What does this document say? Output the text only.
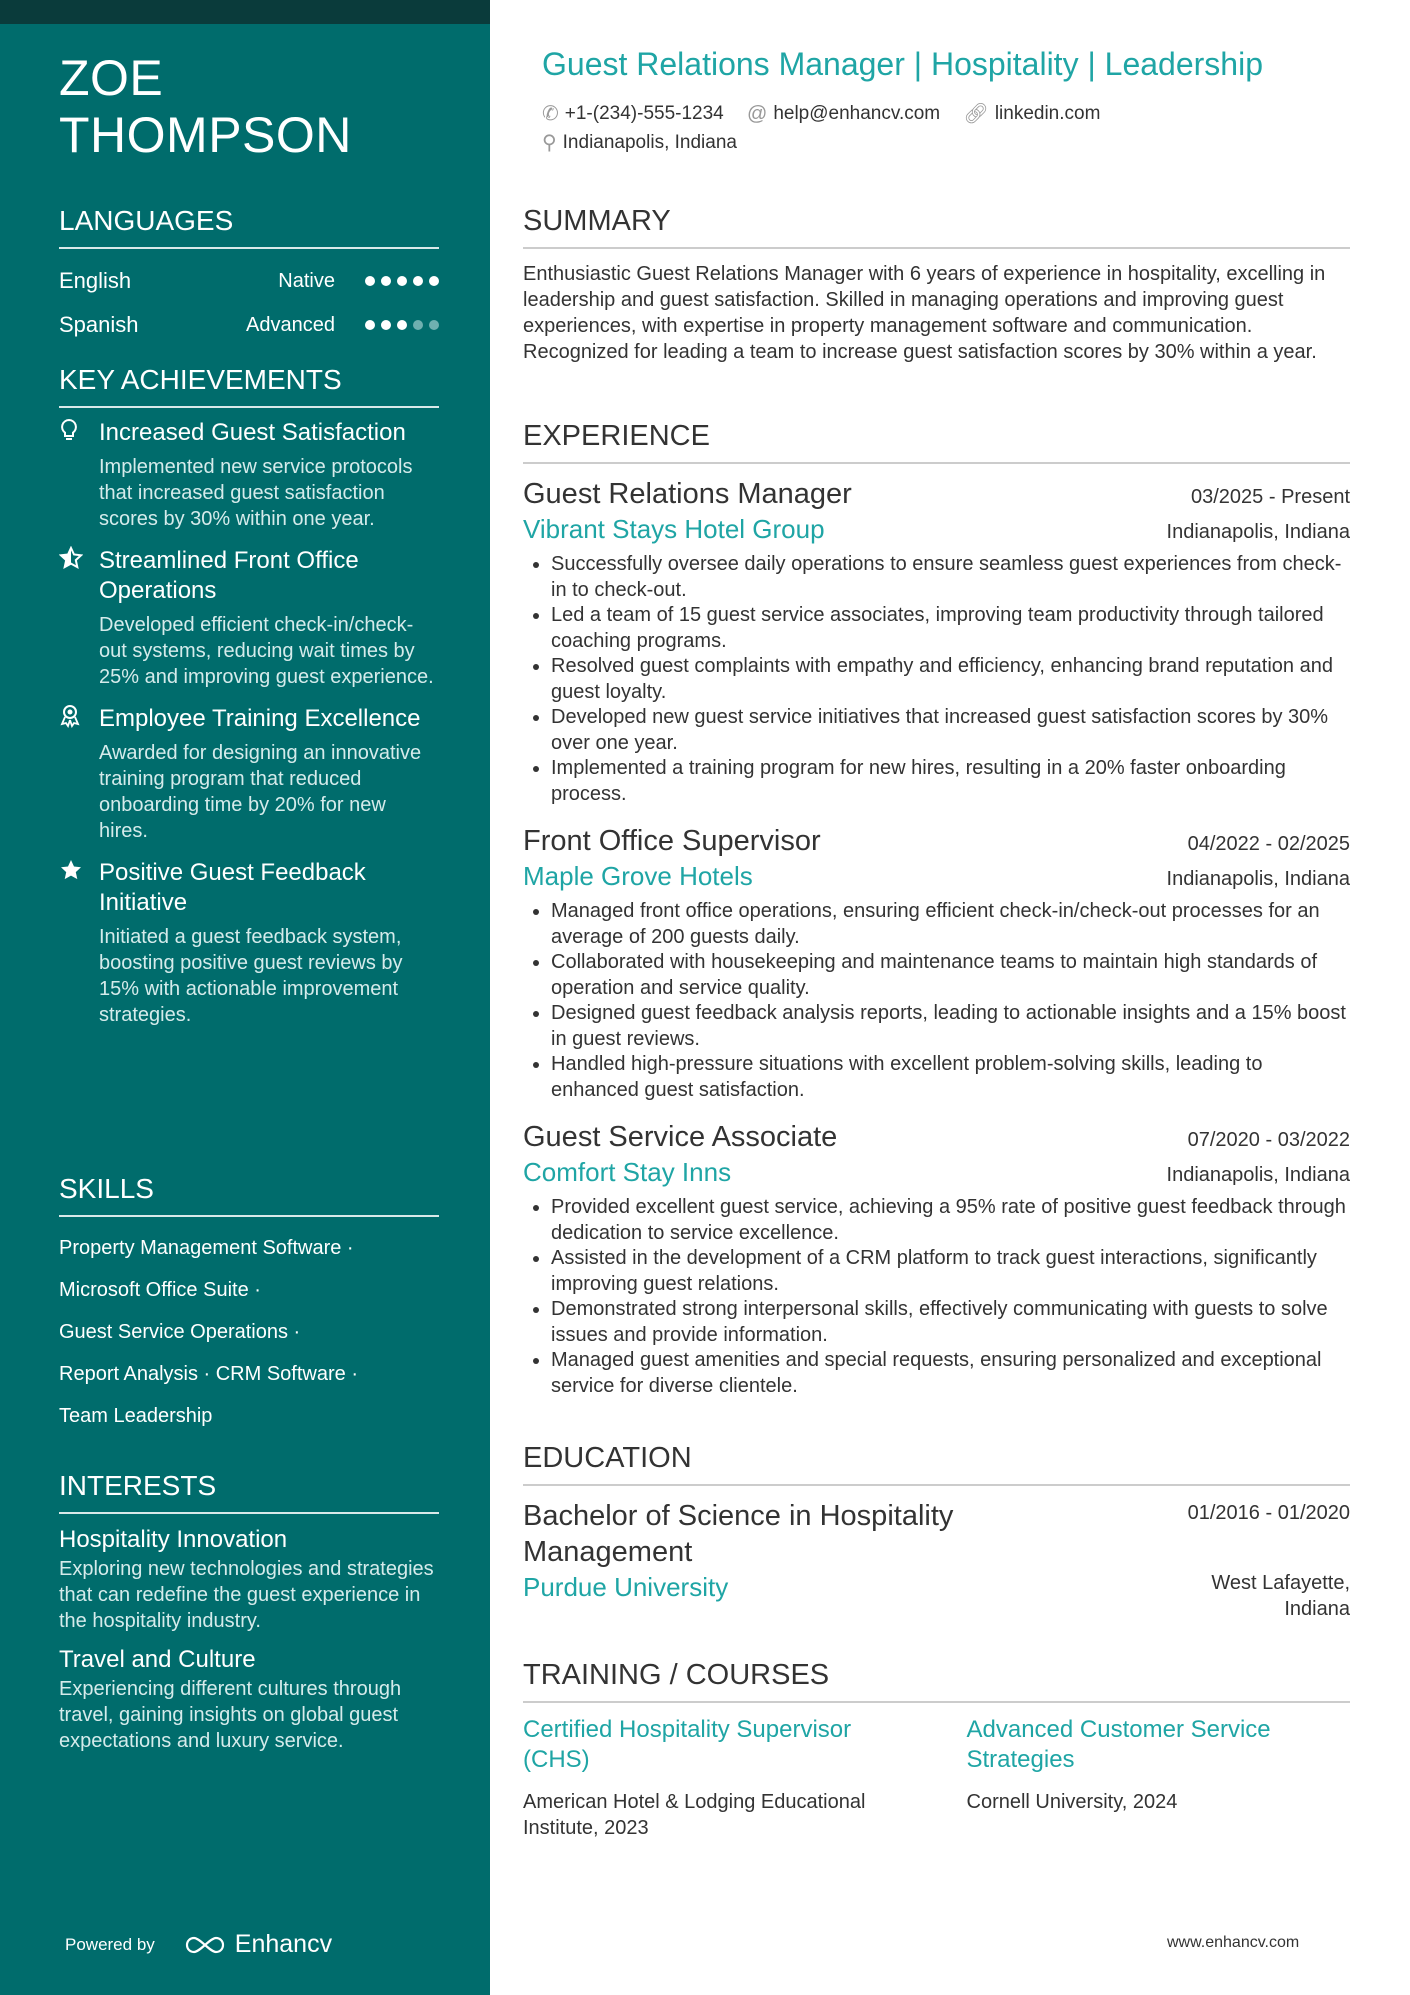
ZOE
THOMPSON
LANGUAGES
English	Native
Spanish	Advanced
KEY ACHIEVEMENTS
Increased Guest Satisfaction
Implemented new service protocols that increased guest satisfaction scores by 30% within one year.
Streamlined Front Office Operations
Developed efficient check-in/check-out systems, reducing wait times by 25% and improving guest experience.
Employee Training Excellence
Awarded for designing an innovative training program that reduced onboarding time by 20% for new hires.
Positive Guest Feedback Initiative
Initiated a guest feedback system, boosting positive guest reviews by 15% with actionable improvement strategies.
SKILLS
Property Management Software ·
Microsoft Office Suite ·
Guest Service Operations ·
Report Analysis · CRM Software ·
Team Leadership
INTERESTS
Hospitality Innovation
Exploring new technologies and strategies that can redefine the guest experience in the hospitality industry.
Travel and Culture
Experiencing different cultures through travel, gaining insights on global guest expectations and luxury service.
Powered by	Enhancv
Guest Relations Manager | Hospitality | Leadership
✆ +1-(234)-555-1234
@ help@enhancv.com
🔗︎ linkedin.com
⚲ Indianapolis, Indiana
SUMMARY
Enthusiastic Guest Relations Manager with 6 years of experience in hospitality, excelling in leadership and guest satisfaction. Skilled in managing operations and improving guest experiences, with expertise in property management software and communication. Recognized for leading a team to increase guest satisfaction scores by 30% within a year.
EXPERIENCE
Guest Relations Manager	03/2025 - Present
Vibrant Stays Hotel Group	Indianapolis, Indiana
• Successfully oversee daily operations to ensure seamless guest experiences from check-in to check-out.
• Led a team of 15 guest service associates, improving team productivity through tailored coaching programs.
• Resolved guest complaints with empathy and efficiency, enhancing brand reputation and guest loyalty.
• Developed new guest service initiatives that increased guest satisfaction scores by 30% over one year.
• Implemented a training program for new hires, resulting in a 20% faster onboarding process.
Front Office Supervisor	04/2022 - 02/2025
Maple Grove Hotels	Indianapolis, Indiana
• Managed front office operations, ensuring efficient check-in/check-out processes for an average of 200 guests daily.
• Collaborated with housekeeping and maintenance teams to maintain high standards of operation and service quality.
• Designed guest feedback analysis reports, leading to actionable insights and a 15% boost in guest reviews.
• Handled high-pressure situations with excellent problem-solving skills, leading to enhanced guest satisfaction.
Guest Service Associate	07/2020 - 03/2022
Comfort Stay Inns	Indianapolis, Indiana
• Provided excellent guest service, achieving a 95% rate of positive guest feedback through dedication to service excellence.
• Assisted in the development of a CRM platform to track guest interactions, significantly improving guest relations.
• Demonstrated strong interpersonal skills, effectively communicating with guests to solve issues and provide information.
• Managed guest amenities and special requests, ensuring personalized and exceptional service for diverse clientele.
EDUCATION
Bachelor of Science in Hospitality Management
01/2016 - 01/2020
Purdue University	West Lafayette, Indiana
TRAINING / COURSES
Certified Hospitality Supervisor (CHS)
American Hotel & Lodging Educational Institute, 2023
Advanced Customer Service Strategies
Cornell University, 2024
www.enhancv.com
